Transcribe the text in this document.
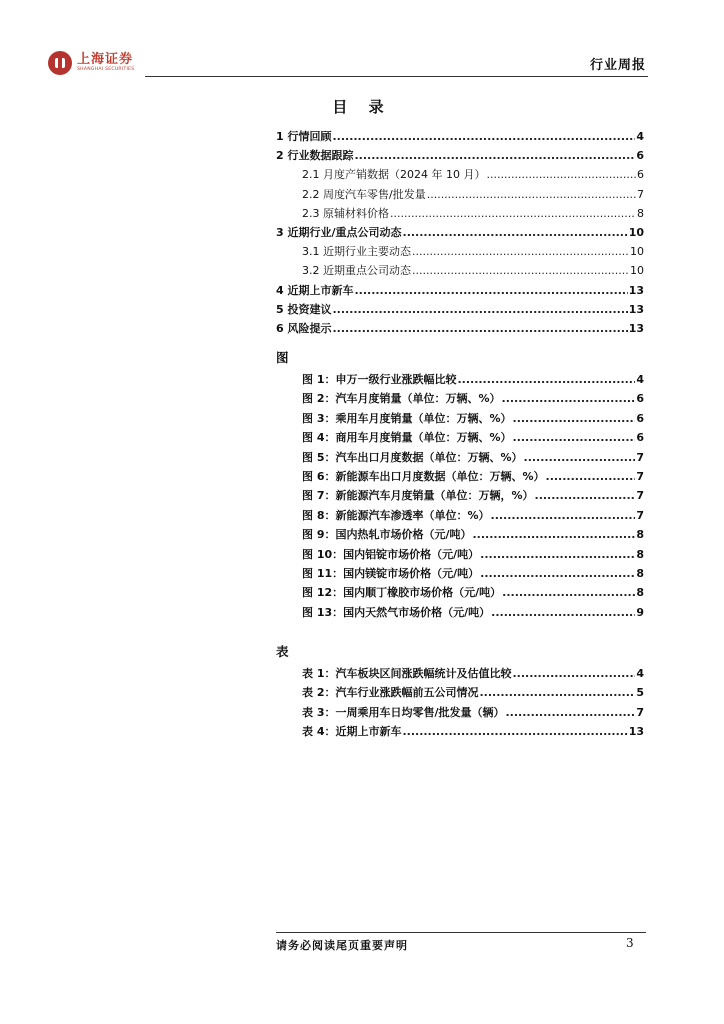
上海证券
SHANGHAI SECURITIES	行业周报
目 录
1 行情回顾 .....	4
2 行业数据跟踪 .....	6
2.1 月度产销数据（2024 年 10 月） .....	6
2.2 周度汽车零售/批发量 .....	7
2.3 原辅材料价格 .....	8
3 近期行业/重点公司动态 .....	10
3.1 近期行业主要动态 .....	10
3.2 近期重点公司动态 .....	10
4 近期上市新车 .....	13
5 投资建议 .....	13
6 风险提示 .....	13
图
图 1：申万一级行业涨跌幅比较 .....	4
图 2：汽车月度销量（单位：万辆、%） .....	6
图 3：乘用车月度销量（单位：万辆、%） .....	6
图 4：商用车月度销量（单位：万辆、%） .....	6
图 5：汽车出口月度数据（单位：万辆、%） .....	7
图 6：新能源车出口月度数据（单位：万辆、%） .....	7
图 7：新能源汽车月度销量（单位：万辆，%） .....	7
图 8：新能源汽车渗透率（单位：%） .....	7
图 9：国内热轧市场价格（元/吨） .....	8
图 10：国内铝锭市场价格（元/吨） .....	8
图 11：国内镁锭市场价格（元/吨） .....	8
图 12：国内顺丁橡胶市场价格（元/吨） .....	8
图 13：国内天然气市场价格（元/吨） .....	9
表
表 1：汽车板块区间涨跌幅统计及估值比较 .....	4
表 2：汽车行业涨跌幅前五公司情况 .....	5
表 3：一周乘用车日均零售/批发量（辆） .....	7
表 4：近期上市新车 .....	13
请务必阅读尾页重要声明	3
